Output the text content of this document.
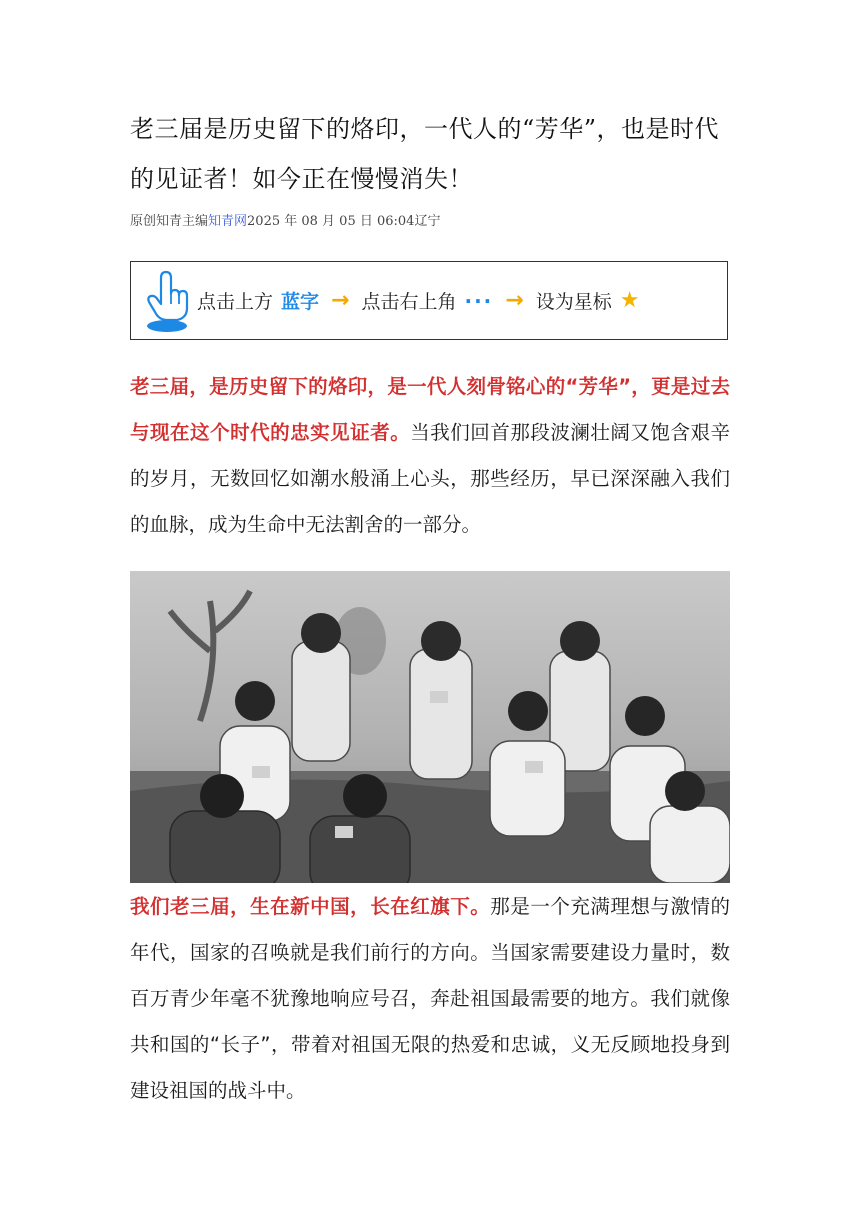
老三届是历史留下的烙印，一代人的“芳华”，也是时代的见证者！如今正在慢慢消失！
原创知青主编知青网2025 年 08 月 05 日 06:04辽宁
点击上方 蓝字 → 点击右上角 ··· → 设为星标 ★

老三届，是历史留下的烙印，是一代人刻骨铭心的“芳华”，更是过去与现在这个时代的忠实见证者。当我们回首那段波澜壮阔又饱含艰辛的岁月，无数回忆如潮水般涌上心头，那些经历，早已深深融入我们的血脉，成为生命中无法割舍的一部分。

我们老三届，生在新中国，长在红旗下。那是一个充满理想与激情的年代，国家的召唤就是我们前行的方向。当国家需要建设力量时，数百万青少年毫不犹豫地响应号召，奔赴祖国最需要的地方。我们就像共和国的“长子”，带着对祖国无限的热爱和忠诚，义无反顾地投身到建设祖国的战斗中。
